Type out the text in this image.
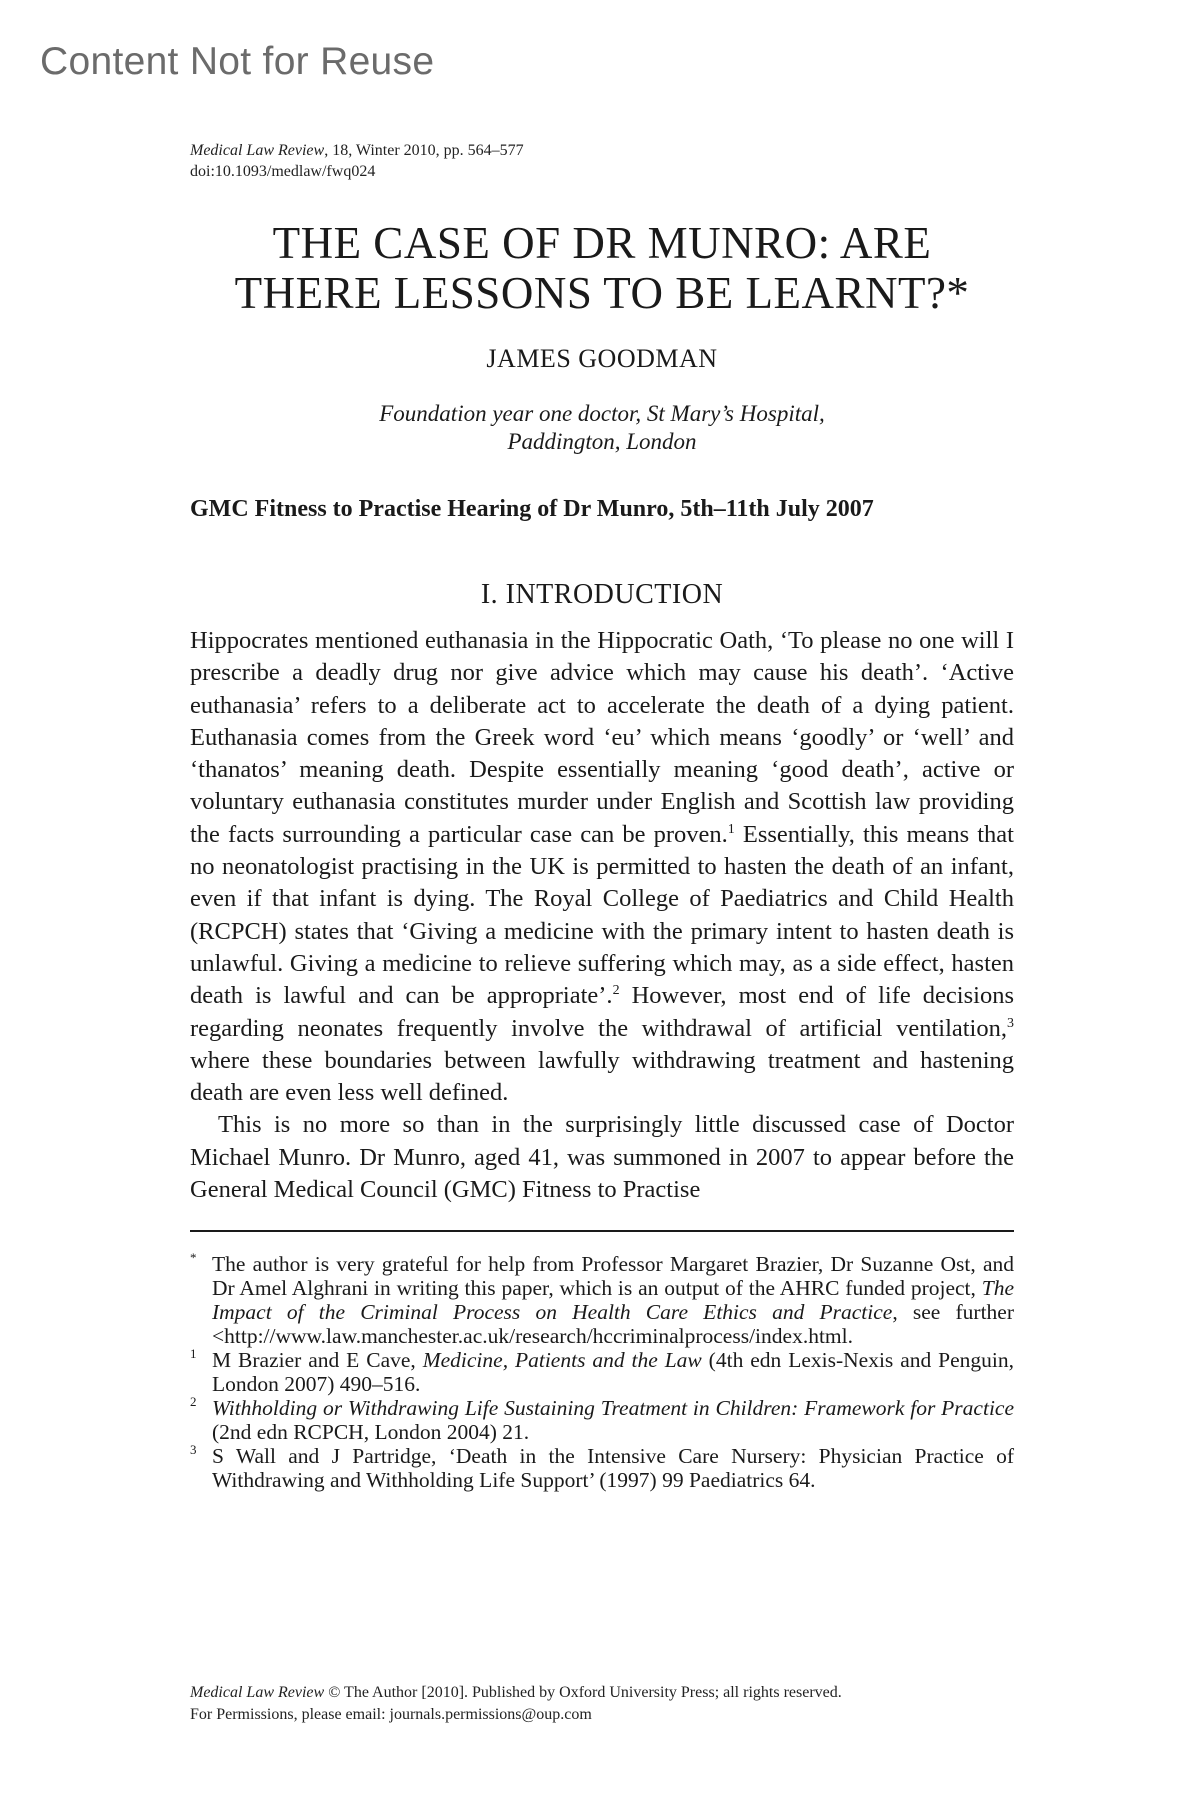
Content Not for Reuse
Medical Law Review, 18, Winter 2010, pp. 564–577
doi:10.1093/medlaw/fwq024
THE CASE OF DR MUNRO: ARE
THERE LESSONS TO BE LEARNT?*
JAMES GOODMAN
Foundation year one doctor, St Mary’s Hospital,
Paddington, London
GMC Fitness to Practise Hearing of Dr Munro, 5th–11th July 2007
I. INTRODUCTION

Hippocrates mentioned euthanasia in the Hippocratic Oath, ‘To please no one will I prescribe a deadly drug nor give advice which may cause his death’. ‘Active euthanasia’ refers to a deliberate act to accelerate the death of a dying patient. Euthanasia comes from the Greek word ‘eu’ which means ‘goodly’ or ‘well’ and ‘thanatos’ meaning death. Despite essentially meaning ‘good death’, active or voluntary euthanasia constitutes murder under English and Scottish law providing the facts surrounding a particular case can be proven.$^1$ Essentially, this means that no neonatologist practising in the UK is permitted to hasten the death of an infant, even if that infant is dying. The Royal College of Paediatrics and Child Health (RCPCH) states that ‘Giving a medicine with the primary intent to hasten death is unlawful. Giving a medicine to relieve suffering which may, as a side effect, hasten death is lawful and can be appropriate’.$^2$ However, most end of life decisions regarding neonates frequently involve the withdrawal of artificial ventilation,$^3$ where these boundaries between lawfully withdrawing treatment and hastening death are even less well defined.

This is no more so than in the surprisingly little discussed case of Doctor Michael Munro. Dr Munro, aged 41, was summoned in 2007 to appear before the General Medical Council (GMC) Fitness to Practise

* The author is very grateful for help from Professor Margaret Brazier, Dr Suzanne Ost, and Dr Amel Alghrani in writing this paper, which is an output of the AHRC funded project, The Impact of the Criminal Process on Health Care Ethics and Practice, see further <http://www.law.manchester.ac.uk/research/hccriminalprocess/index.html.
1 M Brazier and E Cave, Medicine, Patients and the Law (4th edn Lexis-Nexis and Penguin, London 2007) 490–516.
2 Withholding or Withdrawing Life Sustaining Treatment in Children: Framework for Practice (2nd edn RCPCH, London 2004) 21.
3 S Wall and J Partridge, ‘Death in the Intensive Care Nursery: Physician Practice of Withdrawing and Withholding Life Support’ (1997) 99 Paediatrics 64.
Medical Law Review © The Author [2010]. Published by Oxford University Press; all rights reserved.
For Permissions, please email: journals.permissions@oup.com
